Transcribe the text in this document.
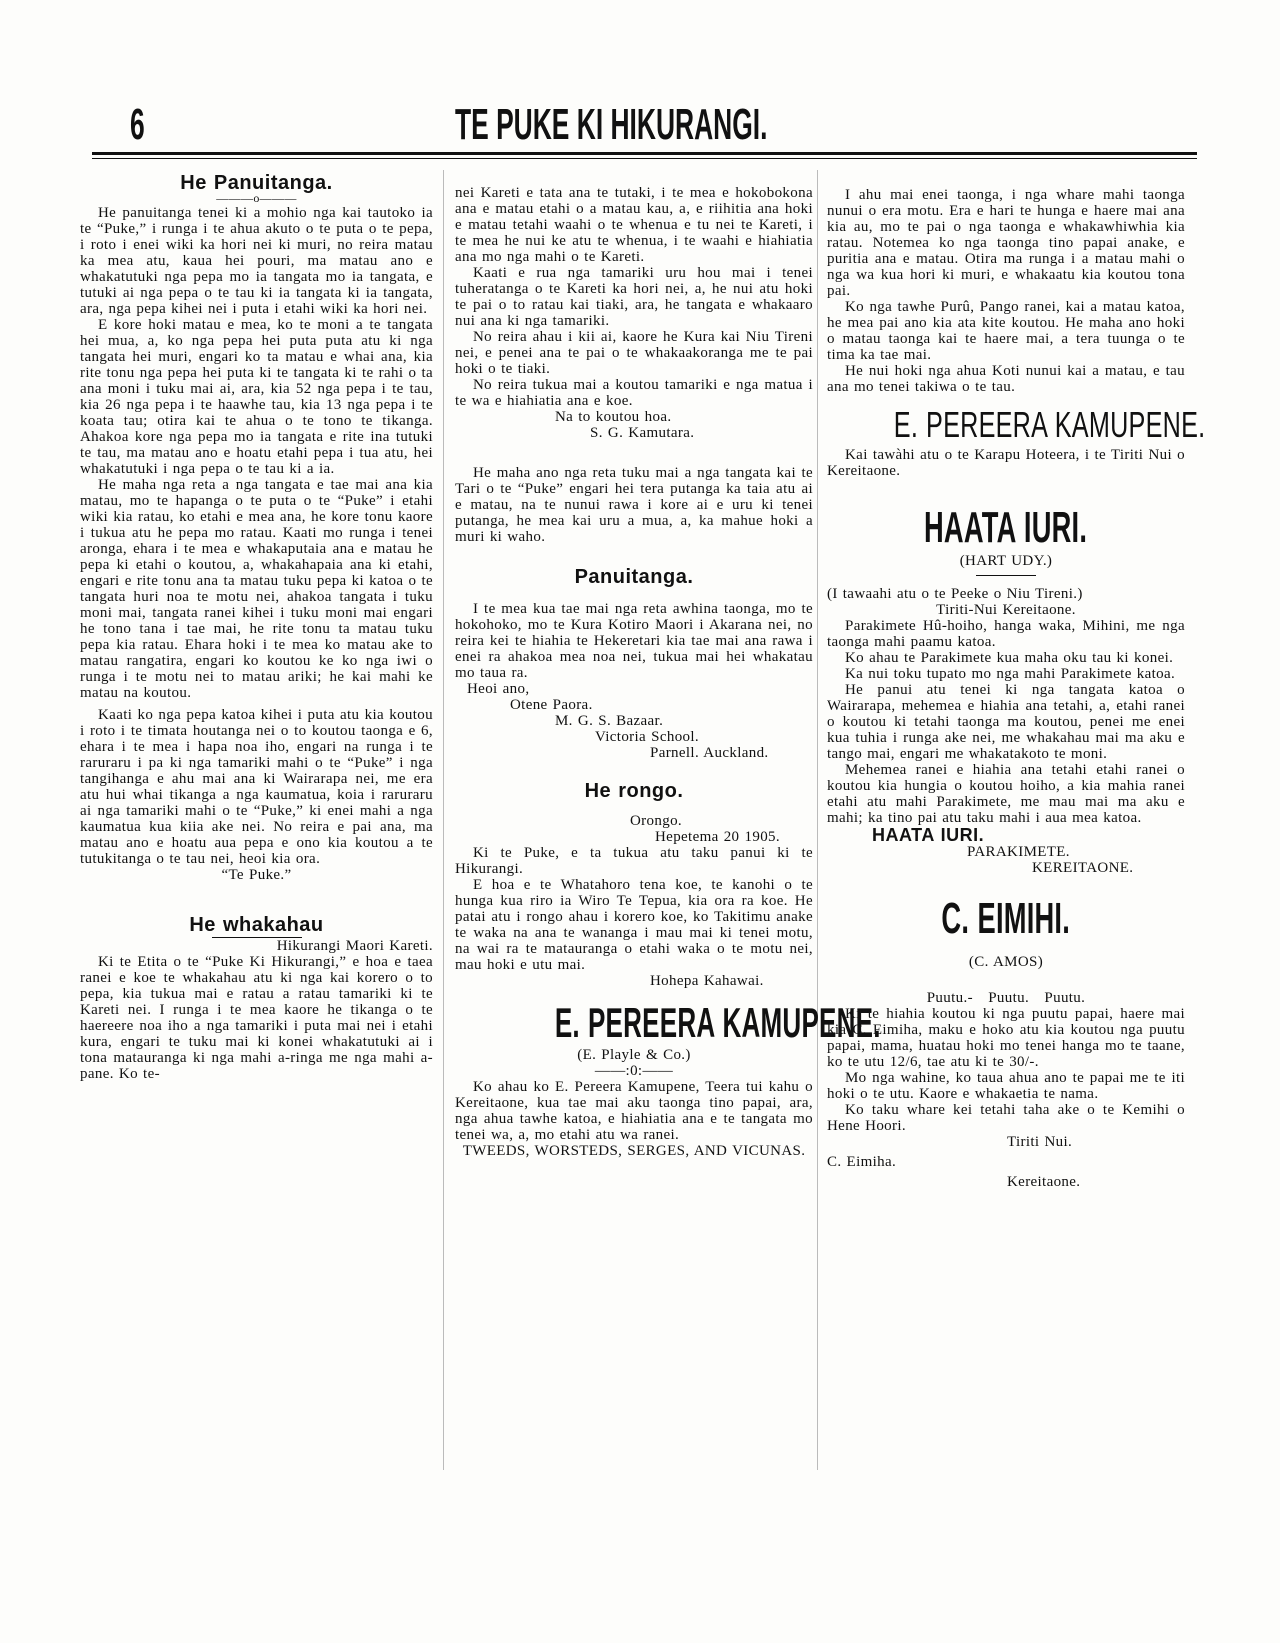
6	TE PUKE KI HIKURANGI.
He Panuitanga.
———o———

He panuitanga tenei ki a mohio nga kai tautoko ia te “Puke,” i runga i te ahua akuto o te puta o te pepa, i roto i enei wiki ka hori nei ki muri, no reira matau ka mea atu, kaua hei pouri, ma matau ano e whakatutuki nga pepa mo ia tangata mo ia tangata, e tutuki ai nga pepa o te tau ki ia tangata ki ia tangata, ara, nga pepa kihei nei i puta i etahi wiki ka hori nei.

E kore hoki matau e mea, ko te moni a te tangata hei mua, a, ko nga pepa hei puta puta atu ki nga tangata hei muri, engari ko ta matau e whai ana, kia rite tonu nga pepa hei puta ki te tangata ki te rahi o ta ana moni i tuku mai ai, ara, kia 52 nga pepa i te tau, kia 26 nga pepa i te haawhe tau, kia 13 nga pepa i te koata tau; otira kai te ahua o te tono te tikanga. Ahakoa kore nga pepa mo ia tangata e rite ina tutuki te tau, ma matau ano e hoatu etahi pepa i tua atu, hei whakatutuki i nga pepa o te tau ki a ia.

He maha nga reta a nga tangata e tae mai ana kia matau, mo te hapanga o te puta o te “Puke” i etahi wiki kia ratau, ko etahi e mea ana, he kore tonu kaore i tukua atu he pepa mo ratau. Kaati mo runga i tenei aronga, ehara i te mea e whakaputaia ana e matau he pepa ki etahi o koutou, a, whakahapaia ana ki etahi, engari e rite tonu ana ta matau tuku pepa ki katoa o te tangata huri noa te motu nei, ahakoa tangata i tuku moni mai, tangata ranei kihei i tuku moni mai engari he tono tana i tae mai, he rite tonu ta matau tuku pepa kia ratau. Ehara hoki i te mea ko matau ake to matau rangatira, engari ko koutou ke ko nga iwi o runga i te motu nei to matau ariki; he kai mahi ke matau na koutou.

Kaati ko nga pepa katoa kihei i puta atu kia koutou i roto i te timata houtanga nei o to koutou taonga e 6, ehara i te mea i hapa noa iho, engari na runga i te raruraru i pa ki nga tamariki mahi o te “Puke” i nga tangihanga e ahu mai ana ki Wairarapa nei, me era atu hui whai tikanga a nga kaumatua, koia i raruraru ai nga tamariki mahi o te “Puke,” ki enei mahi a nga kaumatua kua kiia ake nei. No reira e pai ana, ma matau ano e hoatu aua pepa e ono kia koutou a te tutukitanga o te tau nei, heoi kia ora.

“Te Puke.”
He whakahau
Hikurangi Maori Kareti.

Ki te Etita o te “Puke Ki Hikurangi,” e hoa e taea ranei e koe te whakahau atu ki nga kai korero o to pepa, kia tukua mai e ratau a ratau tamariki ki te Kareti nei. I runga i te mea kaore he tikanga o te haereere noa iho a nga tamariki i puta mai nei i etahi kura, engari te tuku mai ki konei whakatutuki ai i tona matauranga ki nga mahi a-ringa me nga mahi a-pane. Ko te-

nei Kareti e tata ana te tutaki, i te mea e hokobokona ana e matau etahi o a matau kau, a, e riihitia ana hoki e matau tetahi waahi o te whenua e tu nei te Kareti, i te mea he nui ke atu te whenua, i te waahi e hiahiatia ana mo nga mahi o te Kareti.

Kaati e rua nga tamariki uru hou mai i tenei tuheratanga o te Kareti ka hori nei, a, he nui atu hoki te pai o to ratau kai tiaki, ara, he tangata e whakaaro nui ana ki nga tamariki.

No reira ahau i kii ai, kaore he Kura kai Niu Tireni nei, e penei ana te pai o te whakaakoranga me te pai hoki o te tiaki.

No reira tukua mai a koutou tamariki e nga matua i te wa e hiahiatia ana e koe.

Na to koutou hoa.
S. G. Kamutara.

He maha ano nga reta tuku mai a nga tangata kai te Tari o te “Puke” engari hei tera putanga ka taia atu ai e matau, na te nunui rawa i kore ai e uru ki tenei putanga, he mea kai uru a mua, a, ka mahue hoki a muri ki waho.

Panuitanga.

I te mea kua tae mai nga reta awhina taonga, mo te hokohoko, mo te Kura Kotiro Maori i Akarana nei, no reira kei te hiahia te Hekeretari kia tae mai ana rawa i enei ra ahakoa mea noa nei, tukua mai hei whakatau mo taua ra.

Heoi ano,
Otene Paora.
M. G. S. Bazaar.
Victoria School.
Parnell. Auckland.
He rongo.
Orongo.
Hepetema 20 1905.

Ki te Puke, e ta tukua atu taku panui ki te Hikurangi.

E hoa e te Whatahoro tena koe, te kanohi o te hunga kua riro ia Wiro Te Tepua, kia ora ra koe. He patai atu i rongo ahau i korero koe, ko Takitimu anake te waka na ana te wananga i mau mai ki tenei motu, na wai ra te matauranga o etahi waka o te motu nei, mau hoki e utu mai.

Hohepa Kahawai.
E. PEREERA KAMUPENE.
(E. Playle & Co.)
——:0:——

Ko ahau ko E. Pereera Kamupene, Teera tui kahu o Kereitaone, kua tae mai aku taonga tino papai, ara, nga ahua tawhe katoa, e hiahiatia ana e te tangata mo tenei wa, a, mo etahi atu wa ranei.

TWEEDS, WORSTEDS, SERGES, AND VICUNAS.

I ahu mai enei taonga, i nga whare mahi taonga nunui o era motu. Era e hari te hunga e haere mai ana kia au, mo te pai o nga taonga e whakawhiwhia kia ratau. Notemea ko nga taonga tino papai anake, e puritia ana e matau. Otira ma runga i a matau mahi o nga wa kua hori ki muri, e whakaatu kia koutou tona pai.

Ko nga tawhe Purû, Pango ranei, kai a matau katoa, he mea pai ano kia ata kite koutou. He maha ano hoki o matau taonga kai te haere mai, a tera tuunga o te tima ka tae mai.

He nui hoki nga ahua Koti nunui kai a matau, e tau ana mo tenei takiwa o te tau.

E. PEREERA KAMUPENE.

Kai tawàhi atu o te Karapu Hoteera, i te Tiriti Nui o Kereitaone.

HAATA IURI.
(HART UDY.)
(I tawaahi atu o te Peeke o Niu Tireni.)
Tiriti-Nui Kereitaone.

Parakimete Hû-hoiho, hanga waka, Mihini, me nga taonga mahi paamu katoa.

Ko ahau te Parakimete kua maha oku tau ki konei.

Ka nui toku tupato mo nga mahi Parakimete katoa.

He panui atu tenei ki nga tangata katoa o Wairarapa, mehemea e hiahia ana tetahi, a, etahi ranei o koutou ki tetahi taonga ma koutou, penei me enei kua tuhia i runga ake nei, me whakahau mai ma aku e tango mai, engari me whakatakoto te moni.

Mehemea ranei e hiahia ana tetahi etahi ranei o koutou kia hungia o koutou hoiho, a kia mahia ranei etahi atu mahi Parakimete, me mau mai ma aku e mahi; ka tino pai atu taku mahi i aua mea katoa.

HAATA IURI.
PARAKIMETE.
KEREITAONE.
C. EIMIHI.
(C. AMOS)
Puutu.-   Puutu.   Puutu.

Ki te hiahia koutou ki nga puutu papai, haere mai kia C. Eimiha, maku e hoko atu kia koutou nga puutu papai, mama, huatau hoki mo tenei hanga mo te taane, ko te utu 12/6, tae atu ki te 30/-.

Mo nga wahine, ko taua ahua ano te papai me te iti hoki o te utu. Kaore e whakaetia te nama.

Ko taku whare kei tetahi taha ake o te Kemihi o Hene Hoori.

Tiriti Nui.
C. Eimiha.
Kereitaone.
